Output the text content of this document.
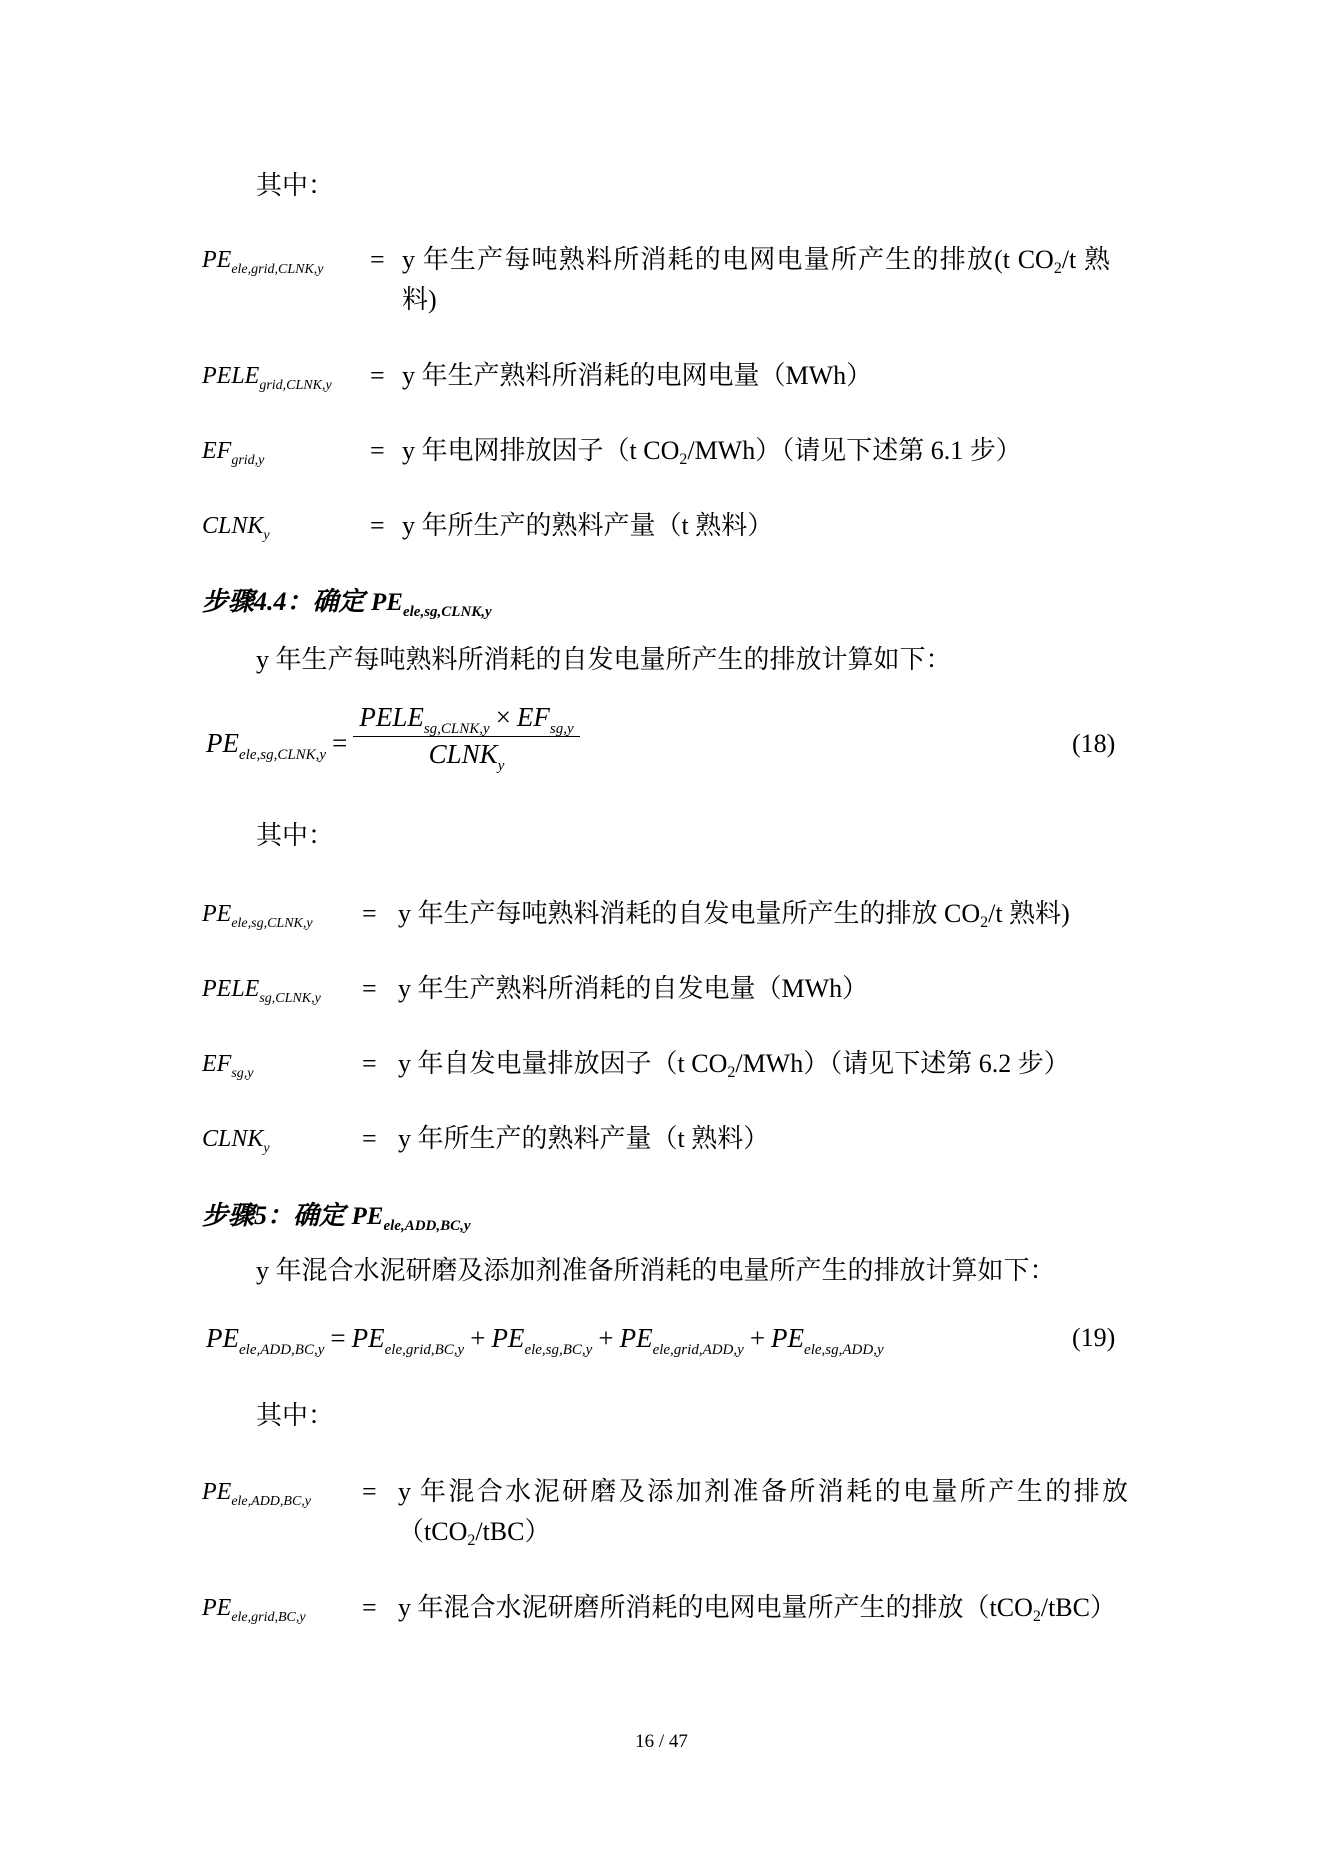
其中：
$PE_{ele,grid,CLNK,y} = y$ 年生产每吨熟料所消耗的电网电量所产生的排放(t CO2/t 熟料)
$PELE_{grid,CLNK,y} = y$ 年生产熟料所消耗的电网电量（MWh）
$EF_{grid,y}$	= y 年电网排放因子（t CO2/MWh）（请见下述第 6.1 步）
$CLNK_y$	= y 年所生产的熟料产量（t 熟料）
步骤4.4：确定 $PE_{ele,sg,CLNK,y}$
y 年生产每吨熟料所消耗的自发电量所产生的排放计算如下：
$PE_{ele,sg,CLNK,y} = \frac{PELE_{sg,CLNK,y} \times EF_{sg,y}}{CLNK_y}$	(18)
其中：
$PE_{ele,sg,CLNK,y} = y$ 年生产每吨熟料消耗的自发电量所产生的排放 CO2/t 熟料)
$PELE_{sg,CLNK,y} = y$ 年生产熟料所消耗的自发电量（MWh）
$EF_{sg,y}$	= y 年自发电量排放因子（t CO2/MWh）（请见下述第 6.2 步）
$CLNK_y$	= y 年所生产的熟料产量（t 熟料）
步骤5：确定 $PE_{ele,ADD,BC,y}$
y 年混合水泥研磨及添加剂准备所消耗的电量所产生的排放计算如下：
$PE_{ele,ADD,BC,y} = PE_{ele,grid,BC,y} + PE_{ele,sg,BC,y} + PE_{ele,grid,ADD,y} + PE_{ele,sg,ADD,y}$	(19)
其中：
$PE_{ele,ADD,BC,y} = y$ 年混合水泥研磨及添加剂准备所消耗的电量所产生的排放（tCO2/tBC）
$PE_{ele,grid,BC,y} = y$ 年混合水泥研磨所消耗的电网电量所产生的排放（tCO2/tBC）
16 / 47
